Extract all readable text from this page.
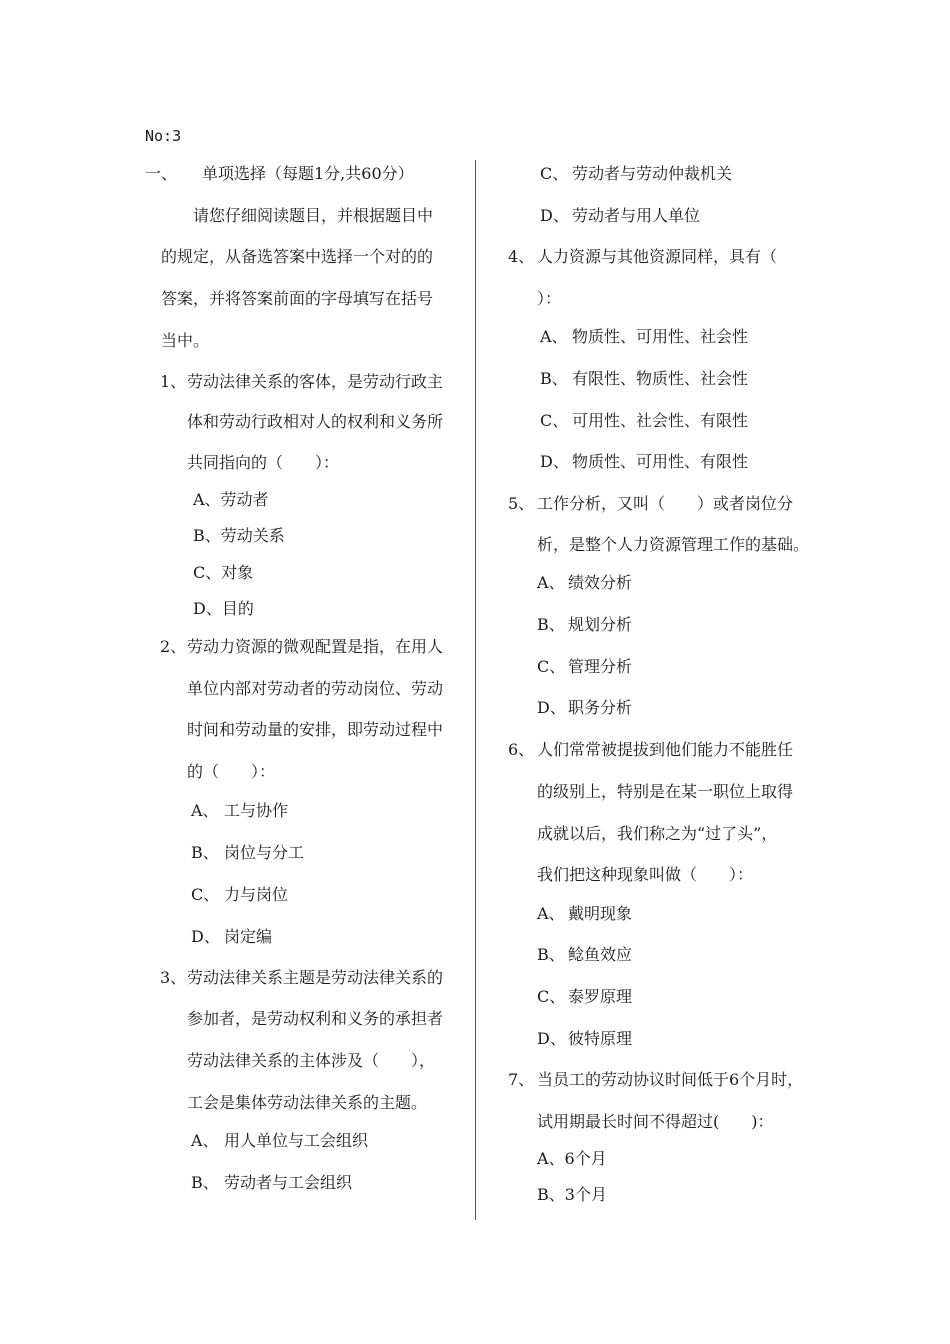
No:3
一、 单项选择（每题1分,共60分）
请您仔细阅读题目，并根据题目中
的规定，从备选答案中选择一个对的的
答案，并将答案前面的字母填写在括号
当中。
1、 劳动法律关系的客体，是劳动行政主
体和劳动行政相对人的权利和义务所
共同指向的（　　）：
A、劳动者
B、劳动关系
C、对象
D、目的
2、 劳动力资源的微观配置是指，在用人
单位内部对劳动者的劳动岗位、劳动
时间和劳动量的安排，即劳动过程中
的（　　）：
A、 工与协作
B、 岗位与分工
C、 力与岗位
D、 岗定编
3、 劳动法律关系主题是劳动法律关系的
参加者，是劳动权利和义务的承担者
劳动法律关系的主体涉及（　　），
工会是集体劳动法律关系的主题。
A、 用人单位与工会组织
B、 劳动者与工会组织
C、 劳动者与劳动仲裁机关
D、 劳动者与用人单位
4、 人力资源与其他资源同样，具有（
）：
A、 物质性、可用性、社会性
B、 有限性、物质性、社会性
C、 可用性、社会性、有限性
D、 物质性、可用性、有限性
5、 工作分析，又叫（　　）或者岗位分
析，是整个人力资源管理工作的基础。
A、 绩效分析
B、 规划分析
C、 管理分析
D、 职务分析
6、 人们常常被提拔到他们能力不能胜任
的级别上，特别是在某一职位上取得
成就以后，我们称之为“过了头”，
我们把这种现象叫做（　　）：
A、 戴明现象
B、 鲶鱼效应
C、 泰罗原理
D、 彼特原理
7、 当员工的劳动协议时间低于6个月时，
试用期最长时间不得超过(　　)：
A、6个月
B、3个月
